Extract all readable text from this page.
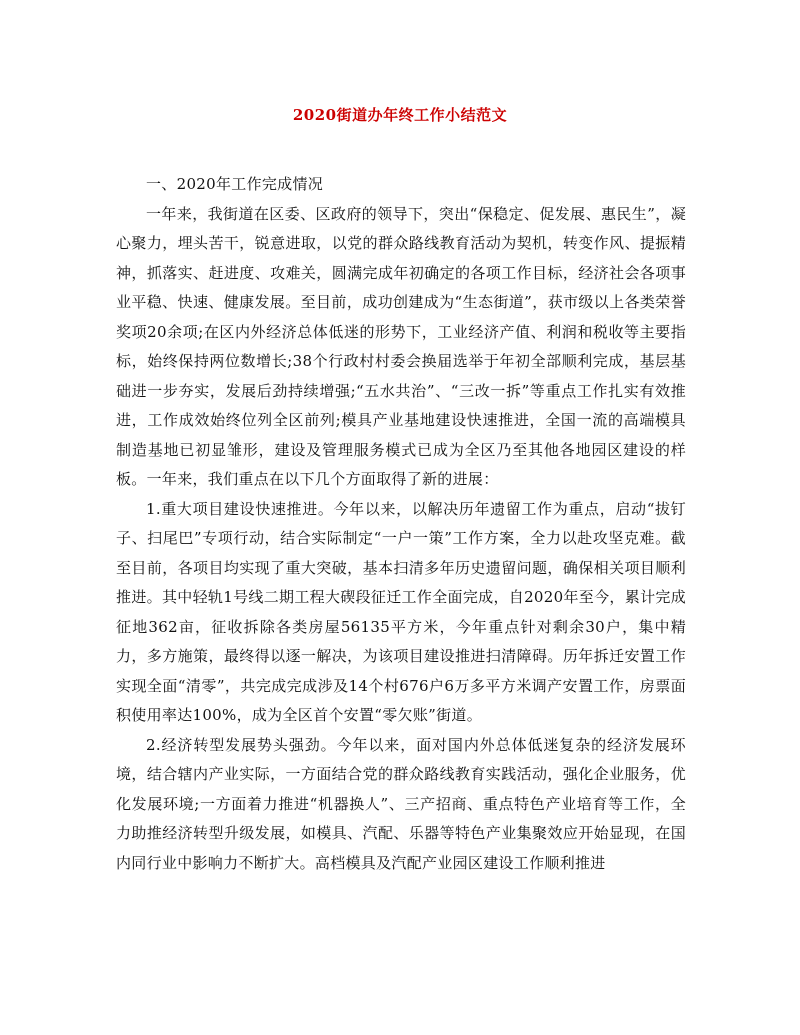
2020街道办年终工作小结范文

一、2020年工作完成情况

一年来，我街道在区委、区政府的领导下，突出“保稳定、促发展、惠民生”，凝心聚力，埋头苦干，锐意进取，以党的群众路线教育活动为契机，转变作风、提振精神，抓落实、赶进度、攻难关，圆满完成年初确定的各项工作目标，经济社会各项事业平稳、快速、健康发展。至目前，成功创建成为“生态街道”，获市级以上各类荣誉奖项20余项;在区内外经济总体低迷的形势下，工业经济产值、利润和税收等主要指标，始终保持两位数增长;38个行政村村委会换届选举于年初全部顺利完成，基层基础进一步夯实，发展后劲持续增强;“五水共治”、“三改一拆”等重点工作扎实有效推进，工作成效始终位列全区前列;模具产业基地建设快速推进，全国一流的高端模具制造基地已初显雏形，建设及管理服务模式已成为全区乃至其他各地园区建设的样板。一年来，我们重点在以下几个方面取得了新的进展：

1.重大项目建设快速推进。今年以来，以解决历年遗留工作为重点，启动“拔钉子、扫尾巴”专项行动，结合实际制定“一户一策”工作方案，全力以赴攻坚克难。截至目前，各项目均实现了重大突破，基本扫清多年历史遗留问题，确保相关项目顺利推进。其中轻轨1号线二期工程大碶段征迁工作全面完成，自2020年至今，累计完成征地362亩，征收拆除各类房屋56135平方米，今年重点针对剩余30户，集中精力，多方施策，最终得以逐一解决，为该项目建设推进扫清障碍。历年拆迁安置工作实现全面“清零”，共完成完成涉及14个村676户6万多平方米调产安置工作，房票面积使用率达100%，成为全区首个安置“零欠账”街道。

2.经济转型发展势头强劲。今年以来，面对国内外总体低迷复杂的经济发展环境，结合辖内产业实际，一方面结合党的群众路线教育实践活动，强化企业服务，优化发展环境;一方面着力推进“机器换人”、三产招商、重点特色产业培育等工作，全力助推经济转型升级发展，如模具、汽配、乐器等特色产业集聚效应开始显现，在国内同行业中影响力不断扩大。高档模具及汽配产业园区建设工作顺利推进
